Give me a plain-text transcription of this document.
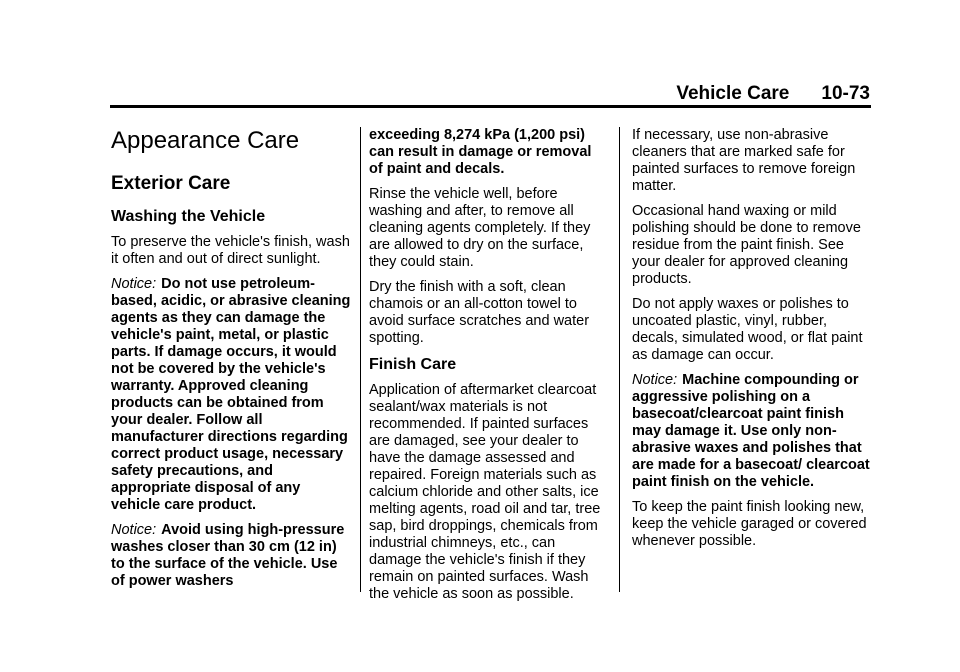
Vehicle Care 10-73
Appearance Care
Exterior Care
Washing the Vehicle

To preserve the vehicle's finish, wash it often and out of direct sunlight.

Notice: Do not use petroleum-based, acidic, or abrasive cleaning agents as they can damage the vehicle's paint, metal, or plastic parts. If damage occurs, it would not be covered by the vehicle's warranty. Approved cleaning products can be obtained from your dealer. Follow all manufacturer directions regarding correct product usage, necessary safety precautions, and appropriate disposal of any vehicle care product.

Notice: Avoid using high-pressure washes closer than 30 cm (12 in) to the surface of the vehicle. Use of power washers

exceeding 8,274 kPa (1,200 psi) can result in damage or removal of paint and decals.

Rinse the vehicle well, before washing and after, to remove all cleaning agents completely. If they are allowed to dry on the surface, they could stain.

Dry the finish with a soft, clean chamois or an all-cotton towel to avoid surface scratches and water spotting.

Finish Care

Application of aftermarket clearcoat sealant/wax materials is not recommended. If painted surfaces are damaged, see your dealer to have the damage assessed and repaired. Foreign materials such as calcium chloride and other salts, ice melting agents, road oil and tar, tree sap, bird droppings, chemicals from industrial chimneys, etc., can damage the vehicle's finish if they remain on painted surfaces. Wash the vehicle as soon as possible.

If necessary, use non-abrasive cleaners that are marked safe for painted surfaces to remove foreign matter.

Occasional hand waxing or mild polishing should be done to remove residue from the paint finish. See your dealer for approved cleaning products.

Do not apply waxes or polishes to uncoated plastic, vinyl, rubber, decals, simulated wood, or flat paint as damage can occur.

Notice: Machine compounding or aggressive polishing on a basecoat/clearcoat paint finish may damage it. Use only non-abrasive waxes and polishes that are made for a basecoat/ clearcoat paint finish on the vehicle.

To keep the paint finish looking new, keep the vehicle garaged or covered whenever possible.
